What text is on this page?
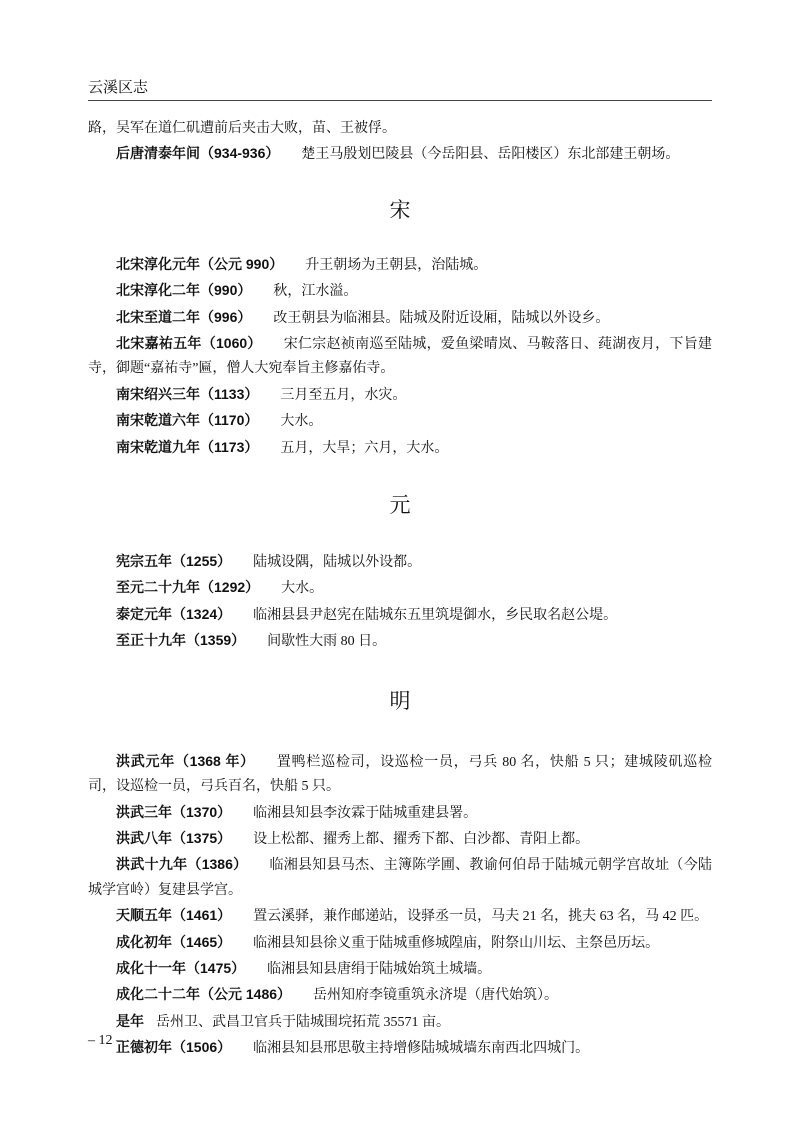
云溪区志

路，吴军在道仁矶遭前后夹击大败，苗、王被俘。

后唐清泰年间（934-936） 楚王马殷划巴陵县（今岳阳县、岳阳楼区）东北部建王朝场。

宋

北宋淳化元年（公元 990） 升王朝场为王朝县，治陆城。

北宋淳化二年（990） 秋，江水溢。

北宋至道二年（996） 改王朝县为临湘县。陆城及附近设厢，陆城以外设乡。

北宋嘉祐五年（1060） 宋仁宗赵祯南巡至陆城，爱鱼梁晴岚、马鞍落日、莼湖夜月，下旨建寺，御题“嘉祐寺”匾，僧人大宛奉旨主修嘉佑寺。

南宋绍兴三年（1133） 三月至五月，水灾。

南宋乾道六年（1170） 大水。

南宋乾道九年（1173） 五月，大旱；六月，大水。

元

宪宗五年（1255） 陆城设隅，陆城以外设都。

至元二十九年（1292） 大水。

泰定元年（1324） 临湘县县尹赵宪在陆城东五里筑堤御水，乡民取名赵公堤。

至正十九年（1359） 间歇性大雨 80 日。

明

洪武元年（1368 年） 置鸭栏巡检司，设巡检一员，弓兵 80 名，快船 5 只；建城陵矶巡检司，设巡检一员，弓兵百名，快船 5 只。

洪武三年（1370） 临湘县知县李汝霖于陆城重建县署。

洪武八年（1375） 设上松都、擢秀上都、擢秀下都、白沙都、青阳上都。

洪武十九年（1386） 临湘县知县马杰、主簿陈学圃、教谕何伯昂于陆城元朝学宫故址（今陆城学宫岭）复建县学宫。

天顺五年（1461） 置云溪驿，兼作邮递站，设驿丞一员，马夫 21 名，挑夫 63 名，马 42 匹。

成化初年（1465） 临湘县知县徐义重于陆城重修城隍庙，附祭山川坛、主祭邑历坛。

成化十一年（1475） 临湘县知县唐绢于陆城始筑土城墙。

成化二十二年（公元 1486） 岳州知府李镜重筑永济堤（唐代始筑）。

是年 岳州卫、武昌卫官兵于陆城围垸拓荒 35571 亩。

正德初年（1506） 临湘县知县邢思敬主持增修陆城城墙东南西北四城门。

– 12 –
